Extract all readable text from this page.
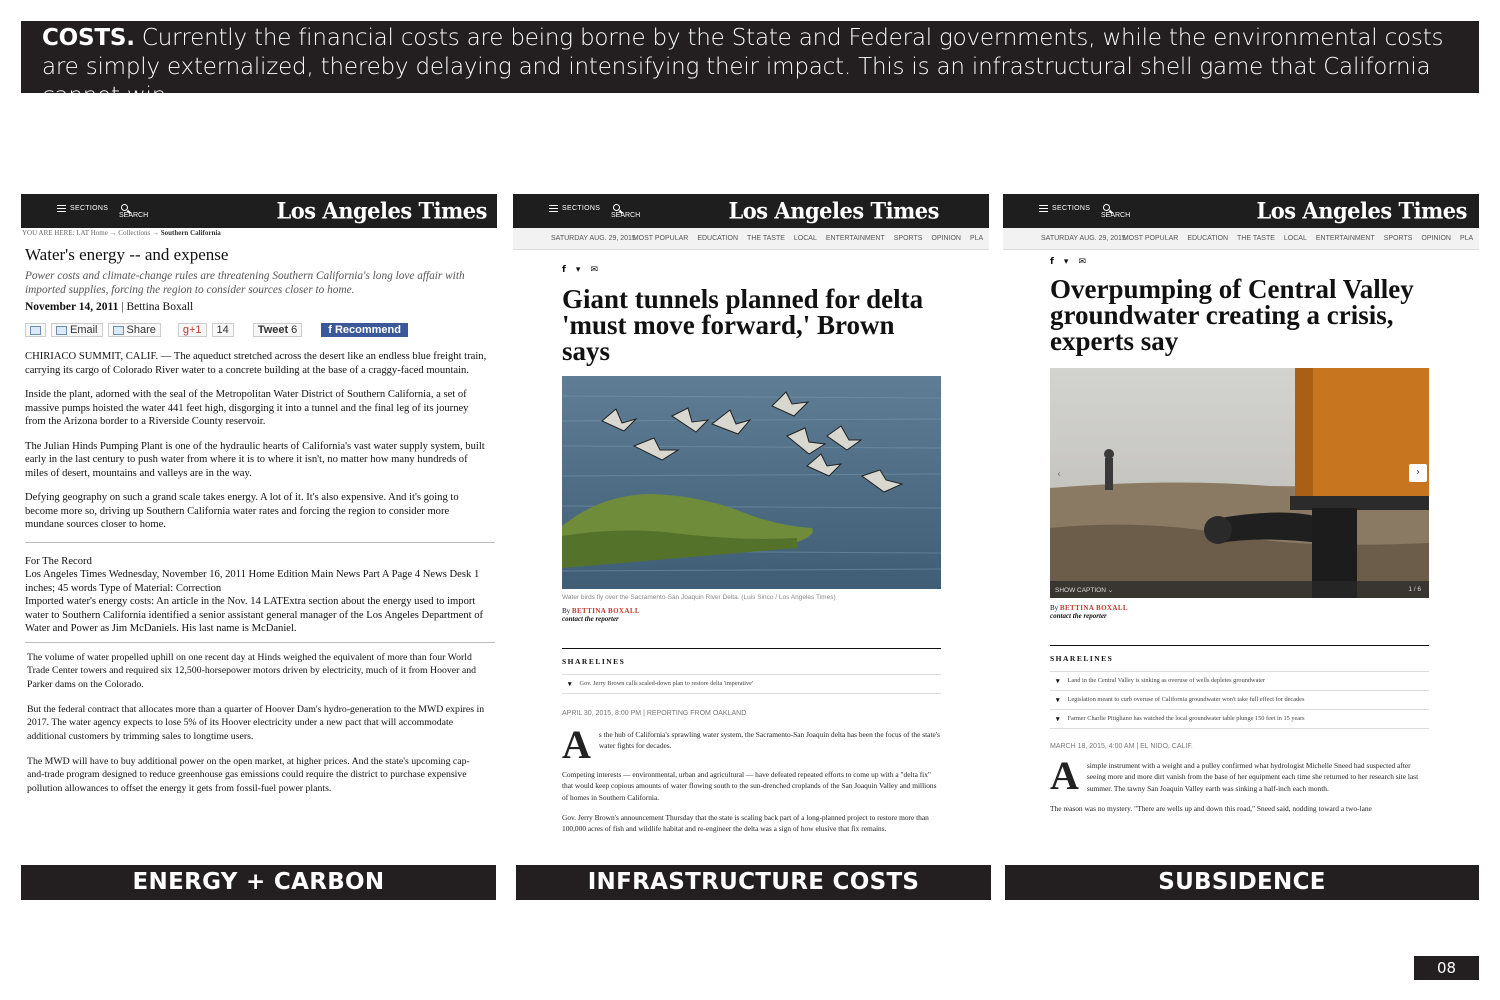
COSTS. Currently the financial costs are being borne by the State and Federal governments, while the environmental costs are simply externalized, thereby delaying and intensifying their impact. This is an infrastructural shell game that California cannot win.
SECTIONS
SEARCH	Los Angeles Times
YOU ARE HERE: LAT Home → Collections → Southern California
Water's energy -- and expense
Power costs and climate-change rules are threatening Southern California's long love affair with imported supplies, forcing the region to consider sources closer to home.
November 14, 2011 | Bettina Boxall
Email	Share g+1	14	Tweet 6	f Recommend

CHIRIACO SUMMIT, CALIF. — The aqueduct stretched across the desert like an endless blue freight train, carrying its cargo of Colorado River water to a concrete building at the base of a craggy-faced mountain.

Inside the plant, adorned with the seal of the Metropolitan Water District of Southern California, a set of massive pumps hoisted the water 441 feet high, disgorging it into a tunnel and the final leg of its journey from the Arizona border to a Riverside County reservoir.

The Julian Hinds Pumping Plant is one of the hydraulic hearts of California's vast water supply system, built early in the last century to push water from where it is to where it isn't, no matter how many hundreds of miles of desert, mountains and valleys are in the way.

Defying geography on such a grand scale takes energy. A lot of it. It's also expensive. And it's going to become more so, driving up Southern California water rates and forcing the region to consider more mundane sources closer to home.

For The Record
Los Angeles Times Wednesday, November 16, 2011 Home Edition Main News Part A Page 4 News Desk 1 inches; 45 words Type of Material: Correction
Imported water's energy costs: An article in the Nov. 14 LATExtra section about the energy used to import water to Southern California identified a senior assistant general manager of the Los Angeles Department of Water and Power as Jim McDaniels. His last name is McDaniel.

The volume of water propelled uphill on one recent day at Hinds weighed the equivalent of more than four World Trade Center towers and required six 12,500-horsepower motors driven by electricity, much of it from Hoover and Parker dams on the Colorado.

But the federal contract that allocates more than a quarter of Hoover Dam's hydro-generation to the MWD expires in 2017. The water agency expects to lose 5% of its Hoover electricity under a new pact that will accommodate additional customers by trimming sales to longtime users.

The MWD will have to buy additional power on the open market, at higher prices. And the state's upcoming cap-and-trade program designed to reduce greenhouse gas emissions could require the district to purchase expensive pollution allowances to offset the energy it gets from fossil-fuel power plants.

SECTIONS
SEARCH	Los Angeles Times
SATURDAY AUG. 29, 2015
MOST POPULAR EDUCATION THE TASTE LOCAL ENTERTAINMENT SPORTS OPINION PLA
f ▾ ✉
Giant tunnels planned for delta 'must move forward,' Brown says
Water birds fly over the Sacramento-San Joaquin River Delta. (Luis Sinco / Los Angeles Times)
By BETTINA BOXALL
contact the reporter
SHARELINES
▾ Gov. Jerry Brown calls scaled-down plan to restore delta 'imperative'
APRIL 30, 2015, 8:00 PM | REPORTING FROM OAKLAND

A s the hub of California's sprawling water system, the Sacramento-San Joaquin delta has been the focus of the state's water fights for decades.

Competing interests — environmental, urban and agricultural — have defeated repeated efforts to come up with a "delta fix" that would keep copious amounts of water flowing south to the sun-drenched croplands of the San Joaquin Valley and millions of homes in Southern California.

Gov. Jerry Brown's announcement Thursday that the state is scaling back part of a long-planned project to restore more than 100,000 acres of fish and wildlife habitat and re-engineer the delta was a sign of how elusive that fix remains.

SECTIONS
SEARCH	Los Angeles Times
SATURDAY AUG. 29, 2015
MOST POPULAR EDUCATION THE TASTE LOCAL ENTERTAINMENT SPORTS OPINION PLA
f ▾ ✉
Overpumping of Central Valley groundwater creating a crisis, experts say
‹	›
SHOW CAPTION ⌄	1 / 6
By BETTINA BOXALL
contact the reporter
SHARELINES
▾ Land in the Central Valley is sinking as overuse of wells depletes groundwater
▾ Legislation meant to curb overuse of California groundwater won't take full effect for decades
▾ Farmer Charlie Pitigliano has watched the local groundwater table plunge 150 feet in 15 years
MARCH 18, 2015, 4:00 AM | EL NIDO, CALIF.

A simple instrument with a weight and a pulley confirmed what hydrologist Michelle Sneed had suspected after seeing more and more dirt vanish from the base of her equipment each time she returned to her research site last summer. The tawny San Joaquin Valley earth was sinking a half-inch each month.

The reason was no mystery. "There are wells up and down this road," Sneed said, nodding toward a two-lane

ENERGY + CARBON	INFRASTRUCTURE COSTS	SUBSIDENCE
08
